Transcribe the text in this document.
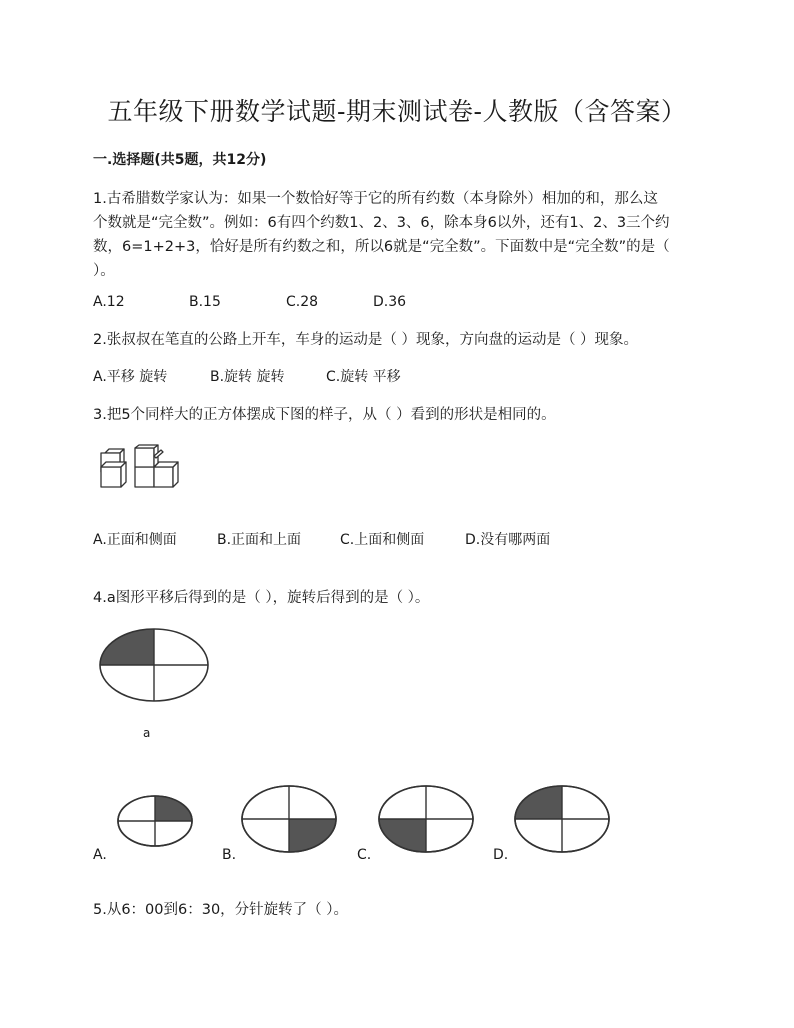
五年级下册数学试题-期末测试卷-人教版（含答案）
一.选择题(共5题，共12分)
1.古希腊数学家认为：如果一个数恰好等于它的所有约数（本身除外）相加的和，那么这
个数就是“完全数”。例如：6有四个约数1、2、3、6，除本身6以外，还有1、2、3三个约
数，6=1+2+3，恰好是所有约数之和，所以6就是“完全数”。下面数中是“完全数”的是（
）。
A.12	B.15	C.28	D.36
2.张叔叔在笔直的公路上开车，车身的运动是（ ）现象，方向盘的运动是（ ）现象。
A.平移 旋转	B.旋转 旋转	C.旋转 平移
3.把5个同样大的正方体摆成下图的样子，从（ ）看到的形状是相同的。
A.正面和侧面	B.正面和上面	C.上面和侧面	D.没有哪两面
4.a图形平移后得到的是（ ），旋转后得到的是（ ）。
a
A.	B.	C.	D.
5.从6：00到6：30，分针旋转了（ ）。
